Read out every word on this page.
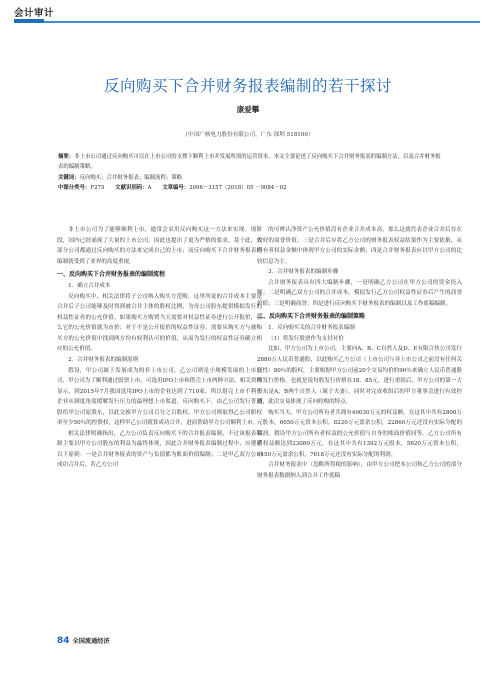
会计审计
反向购买下合并财务报表编制的若干探讨
康爱攀
（中国广核电力股份有限公司，广东 深圳 518100）
摘要：非上市公司通过反向购买可以在上市公司的支撑下顺利上市并发展所需的运营资本。本文主要论述了反向购买下合并财务报表的编制方法，以及合并财务报表的编制策略。
关键词：反向购买；合并财务报表；编制流程；策略
中图分类号：F275   文献识别码：A   文章编号：2096－3157（2018）05 －0084－02

非上市公司为了能够顺利上市，通常会采用反向购买这一方法来实现。现阶段，国内已经涌现了大量的上市公司，因此也提出了更为严格的要求，基于此，大部分公司都通过反向购买的方法来完成自己的上市；而反向购买下合并财务报表的编制就受到了业界的高度重视。

一、反向购买下合并财务报表的编制流程
1．确立合并成本

反向购买中，相关法律将子公司纳入购买方范畴，这里所说的合并成本主要是合并后子公司能够及时得到被合并主体的股权比例，为母公司股东提供模拟发行的权益性证券的公允价值。如果购买方购置当天需要对权益性证券进行公开报价，那么它的公允价值就为市价；对于不是公开报价的权益性证券，需要从购买方与被购买方的公允价值中找到两方均有权利认可的价值，从而为发行的权益性证券确立相应的公允价值。

2．合并财务报表的编制原则

假设，甲公司属于发展成为的非上市公司，乙公司则是小规模发展的上市公司，甲公司为了顺利通过股票上市，可选用IPO上市和借壳上市两种方法。相关资料显示，到2015年7月我国选用IPO上市的企业达到了710家，所以借壳上市不利于企业从制度角度缓解发行压力的最理想上市渠道。反向购买下，由乙公司发行普通股给甲公司原股东，以此交换甲方公司百分之百股权，甲方公司则取得乙公司职权率至少50％的控股权，这样甲乙公司就算成功合并，进而帮助甲方公司顺利上市。

相关法律明确指出，乙方公司负责反向购买下的合并报表编制，不过该报表编制主要以甲方公司股东的利益为最终体现，因此合并财务报表编制过程中，应遵循以下原则：一是合并财务报表的资产与负债都为账面价值编制；二是甲乙双方公司成功合并后，若乙方公司

的可辨认净资产公允价值没有企业合并成本高，那么这就代表企业合并后存在较好的商誉价值；三是合并后应将乙方公司的财务报表权益结果作为主要依据，从所有者权益金额中体现甲方公司的实际金额；四是合并财务报表应以甲方公司的比较信息为主。

3．合并财务报表的编制步骤

合并财务报表具有四大编制步骤，一是明确乙方公司在甲方公司的资金投入额；二是明确乙双方公司的合并成本，模拟发行乙方公司权益性证券后产生的商誉价值；三是明确商誉；四是进行反向购买下财务报表的编制以及工作底稿编制。

二、反向购买下合并财务报表的编制策略
1．反向购买关的合并财务报表编制
（1）将发行股票作为支付对价

比如，甲方公司为上市公司，主要向A、B、C自然人及D、E有限合伙公司发行2880万人民币普通股，以此购买乙方公司（上市公司与非上市公司之前没有任何关联性）80％的股权，主要根据甲方公司前20个交易均价的90％来确立人民币普通股的发行价格，也就是说每股发行价格在18．85元。进行重组后，甲方公司的第一大股东是A，B两个自然人（属于夫妻），同时对完成收组后的甲方董事会进行有效控制，此次交易体现了反向收购的特点。

购买当天，甲方公司所有者共拥有40030万元的权益额，在这其中共有2800万元股本，6050万元资本公积，8220万元盈余公积，22860万元还没有实际分配的利润。假设甲方公司所有者权益的公允价值与自身的账面价值同等。乙方公司所有者权益额达到23080万元，在这其中共有1392万元股本，5620万元资本公积，6450万元盈余公积，7618万元还没有实际分配的利润。

合并财务报表中（忽略所得税的影响），由甲方公司把本公司和乙方公司的部分财务报表数据纳入到合并工作底稿

84 全国流通经济
